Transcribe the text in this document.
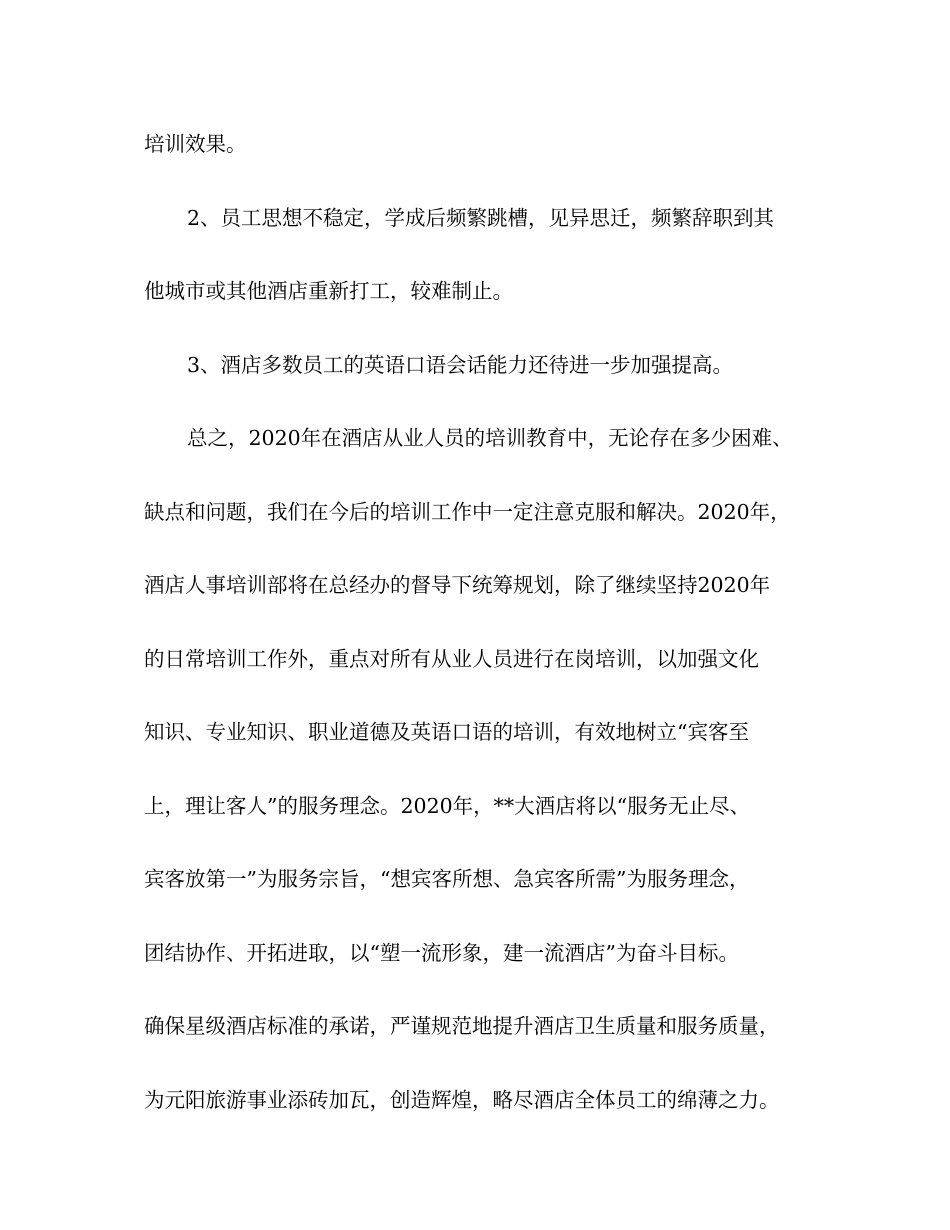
培训效果。
2、员工思想不稳定，学成后频繁跳槽，见异思迁，频繁辞职到其
他城市或其他酒店重新打工，较难制止。
3、酒店多数员工的英语口语会话能力还待进一步加强提高。
总之，2020年在酒店从业人员的培训教育中，无论存在多少困难、
缺点和问题，我们在今后的培训工作中一定注意克服和解决。2020年，
酒店人事培训部将在总经办的督导下统筹规划，除了继续坚持2020年
的日常培训工作外，重点对所有从业人员进行在岗培训，以加强文化
知识、专业知识、职业道德及英语口语的培训，有效地树立“宾客至
上，理让客人”的服务理念。2020年，**大酒店将以“服务无止尽、
宾客放第一”为服务宗旨，“想宾客所想、急宾客所需”为服务理念，
团结协作、开拓进取，以“塑一流形象，建一流酒店”为奋斗目标。
确保星级酒店标准的承诺，严谨规范地提升酒店卫生质量和服务质量，
为元阳旅游事业添砖加瓦，创造辉煌，略尽酒店全体员工的绵薄之力。
